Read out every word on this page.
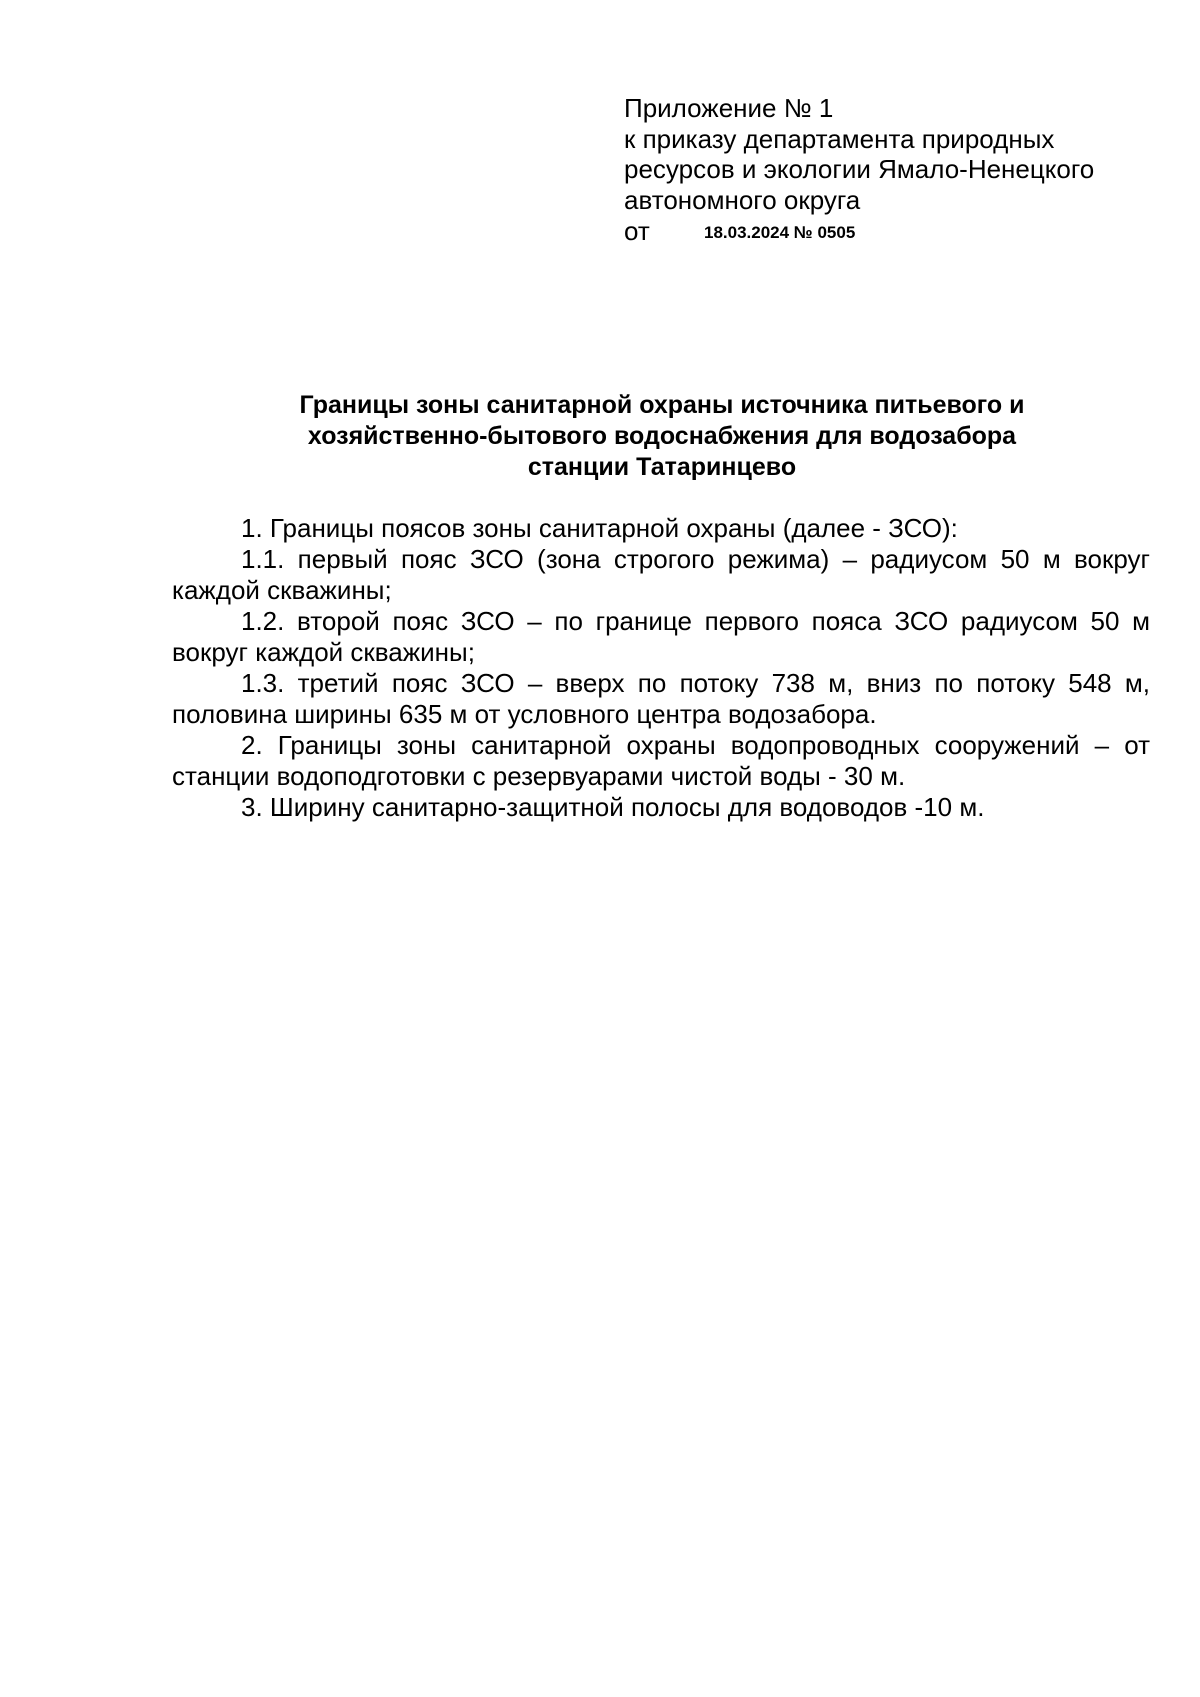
Приложение № 1
к приказу департамента природных
ресурсов и экологии Ямало-Ненецкого
автономного округа
от	18.03.2024 № 0505
Границы зоны санитарной охраны источника питьевого и
хозяйственно-бытового водоснабжения для водозабора
станции Татаринцево

1. Границы поясов зоны санитарной охраны (далее - ЗСО):

1.1. первый пояс ЗСО (зона строгого режима) – радиусом 50 м вокруг каждой скважины;

1.2. второй пояс ЗСО – по границе первого пояса ЗСО радиусом 50 м вокруг каждой скважины;

1.3. третий пояс ЗСО – вверх по потоку 738 м, вниз по потоку 548 м, половина ширины 635 м от условного центра водозабора.

2. Границы зоны санитарной охраны водопроводных сооружений – от станции водоподготовки с резервуарами чистой воды - 30 м.

3. Ширину санитарно-защитной полосы для водоводов -10 м.
